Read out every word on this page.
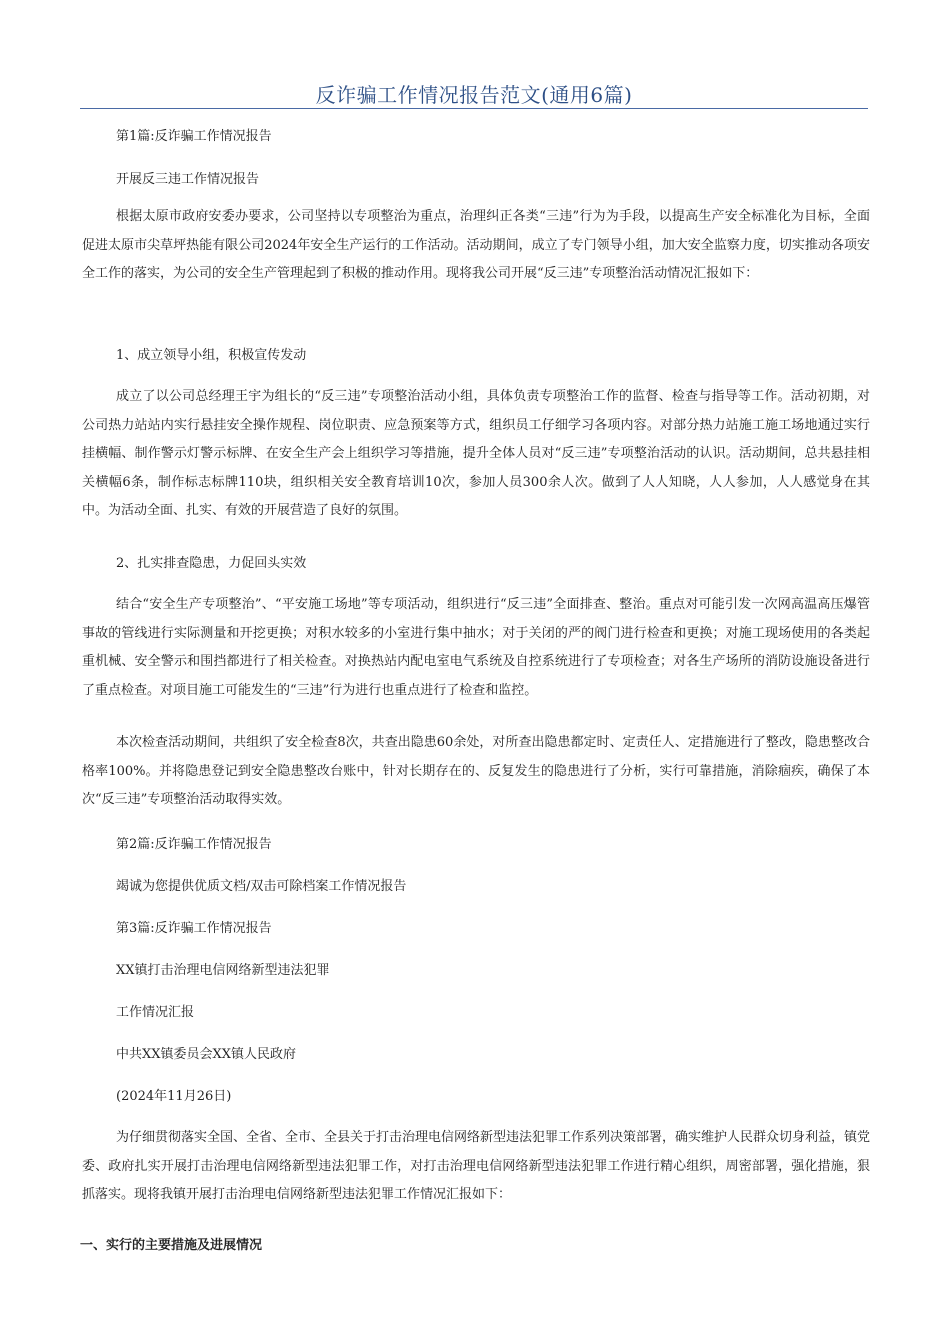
反诈骗工作情况报告范文(通用6篇)
第1篇:反诈骗工作情况报告
开展反三违工作情况报告
根据太原市政府安委办要求，公司坚持以专项整治为重点，治理纠正各类“三违”行为为手段，以提高生产安全标准化为目标，全面促进太原市尖草坪热能有限公司2024年安全生产运行的工作活动。活动期间，成立了专门领导小组，加大安全监察力度，切实推动各项安全工作的落实，为公司的安全生产管理起到了积极的推动作用。现将我公司开展“反三违”专项整治活动情况汇报如下：
1、成立领导小组，积极宣传发动
成立了以公司总经理王宇为组长的“反三违”专项整治活动小组，具体负责专项整治工作的监督、检查与指导等工作。活动初期，对公司热力站站内实行悬挂安全操作规程、岗位职责、应急预案等方式，组织员工仔细学习各项内容。对部分热力站施工施工场地通过实行挂横幅、制作警示灯警示标牌、在安全生产会上组织学习等措施，提升全体人员对“反三违”专项整治活动的认识。活动期间，总共悬挂相关横幅6条，制作标志标牌110块，组织相关安全教育培训10次，参加人员300余人次。做到了人人知晓，人人参加，人人感觉身在其中。为活动全面、扎实、有效的开展营造了良好的氛围。
2、扎实排查隐患，力促回头实效
结合“安全生产专项整治”、“平安施工场地”等专项活动，组织进行“反三违”全面排查、整治。重点对可能引发一次网高温高压爆管事故的管线进行实际测量和开挖更换；对积水较多的小室进行集中抽水；对于关闭的严的阀门进行检查和更换；对施工现场使用的各类起重机械、安全警示和围挡都进行了相关检查。对换热站内配电室电气系统及自控系统进行了专项检查；对各生产场所的消防设施设备进行了重点检查。对项目施工可能发生的“三违”行为进行也重点进行了检查和监控。
本次检查活动期间，共组织了安全检查8次，共查出隐患60余处，对所查出隐患都定时、定责任人、定措施进行了整改，隐患整改合格率100%。并将隐患登记到安全隐患整改台账中，针对长期存在的、反复发生的隐患进行了分析，实行可靠措施，消除痼疾，确保了本次“反三违”专项整治活动取得实效。
第2篇:反诈骗工作情况报告
竭诚为您提供优质文档/双击可除档案工作情况报告
第3篇:反诈骗工作情况报告
XX镇打击治理电信网络新型违法犯罪
工作情况汇报
中共XX镇委员会XX镇人民政府
(2024年11月26日)
为仔细贯彻落实全国、全省、全市、全县关于打击治理电信网络新型违法犯罪工作系列决策部署，确实维护人民群众切身利益，镇党委、政府扎实开展打击治理电信网络新型违法犯罪工作，对打击治理电信网络新型违法犯罪工作进行精心组织，周密部署，强化措施，狠抓落实。现将我镇开展打击治理电信网络新型违法犯罪工作情况汇报如下：
一、实行的主要措施及进展情况
